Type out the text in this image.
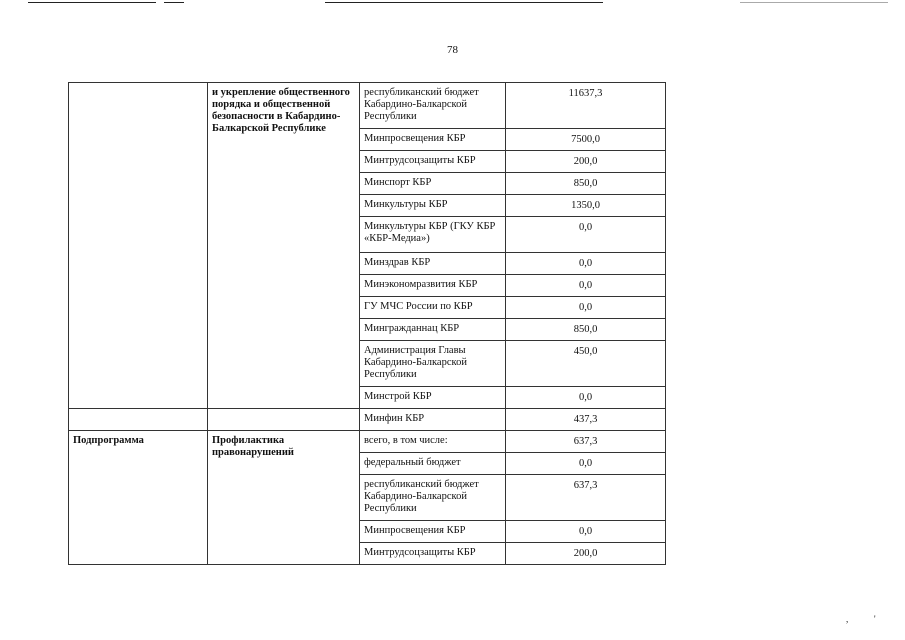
78
	и укрепление общественного порядка и общественной безопасности в Кабардино-Балкарской Республике	республиканский бюджет Кабардино-Балкарской Республики	11637,3
		Минпросвещения КБР	7500,0
		Минтрудсоцзащиты КБР	200,0
		Минспорт КБР	850,0
		Минкультуры КБР	1350,0
		Минкультуры КБР (ГКУ КБР «КБР-Медиа»)	0,0
		Минздрав КБР	0,0
		Минэкономразвития КБР	0,0
		ГУ МЧС России по КБР	0,0
		Мингражданнац КБР	850,0
		Администрация Главы Кабардино-Балкарской Республики	450,0
		Минстрой КБР	0,0
		Минфин КБР	437,3
Подпрограмма	Профилактика правонарушений	всего, в том числе:	637,3
		федеральный бюджет	0,0
		республиканский бюджет Кабардино-Балкарской Республики	637,3
		Минпросвещения КБР	0,0
		Минтрудсоцзащиты КБР	200,0
,	'
